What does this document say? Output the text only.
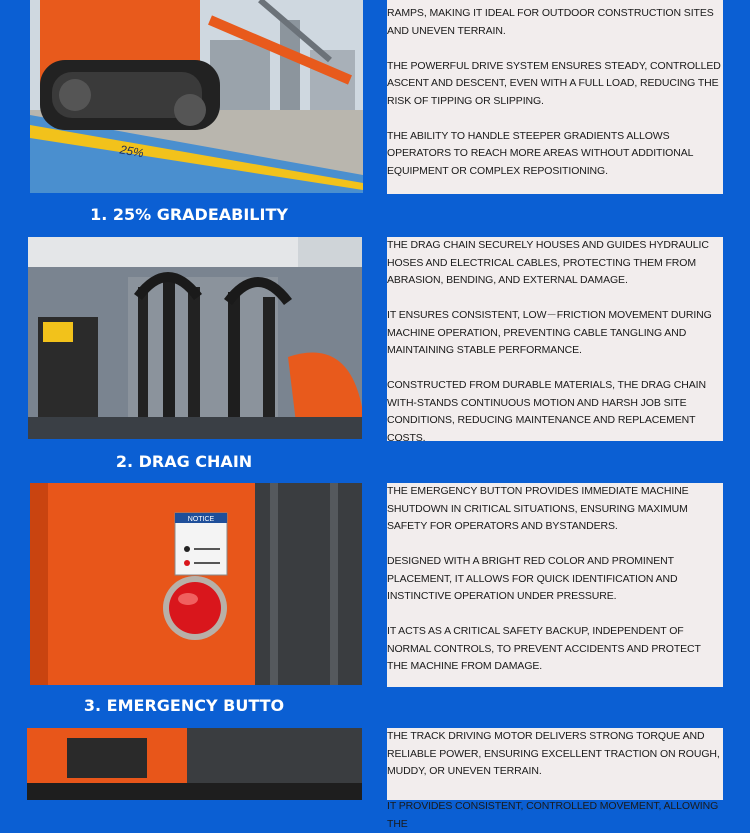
25%
1. 25% GRADEABILITY

RAMPS, MAKING IT IDEAL FOR OUTDOOR CONSTRUCTION SITES AND UNEVEN TERRAIN.

THE POWERFUL DRIVE SYSTEM ENSURES STEADY, CONTROLLED ASCENT AND DESCENT, EVEN WITH A FULL LOAD, REDUCING THE RISK OF TIPPING OR SLIPPING.

THE ABILITY TO HANDLE STEEPER GRADIENTS ALLOWS OPERATORS TO REACH MORE AREAS WITHOUT ADDITIONAL EQUIPMENT OR COMPLEX REPOSITIONING.

2. DRAG CHAIN

THE DRAG CHAIN SECURELY HOUSES AND GUIDES HYDRAULIC HOSES AND ELECTRICAL CABLES, PROTECTING THEM FROM ABRASION, BENDING, AND EXTERNAL DAMAGE.

IT ENSURES CONSISTENT, LOW－FRICTION MOVEMENT DURING MACHINE OPERATION, PREVENTING CABLE TANGLING AND MAINTAINING STABLE PERFORMANCE.

CONSTRUCTED FROM DURABLE MATERIALS, THE DRAG CHAIN WITH-STANDS CONTINUOUS MOTION AND HARSH JOB SITE CONDITIONS, REDUCING MAINTENANCE AND REPLACEMENT COSTS.

NOTICE
3. EMERGENCY BUTTO

THE EMERGENCY BUTTON PROVIDES IMMEDIATE MACHINE SHUTDOWN IN CRITICAL SITUATIONS, ENSURING MAXIMUM SAFETY FOR OPERATORS AND BYSTANDERS.

DESIGNED WITH A BRIGHT RED COLOR AND PROMINENT PLACEMENT, IT ALLOWS FOR QUICK IDENTIFICATION AND INSTINCTIVE OPERATION UNDER PRESSURE.

IT ACTS AS A CRITICAL SAFETY BACKUP, INDEPENDENT OF NORMAL CONTROLS, TO PREVENT ACCIDENTS AND PROTECT THE MACHINE FROM DAMAGE.

THE TRACK DRIVING MOTOR DELIVERS STRONG TORQUE AND RELIABLE POWER, ENSURING EXCELLENT TRACTION ON ROUGH, MUDDY, OR UNEVEN TERRAIN.

IT PROVIDES CONSISTENT, CONTROLLED MOVEMENT, ALLOWING THE
